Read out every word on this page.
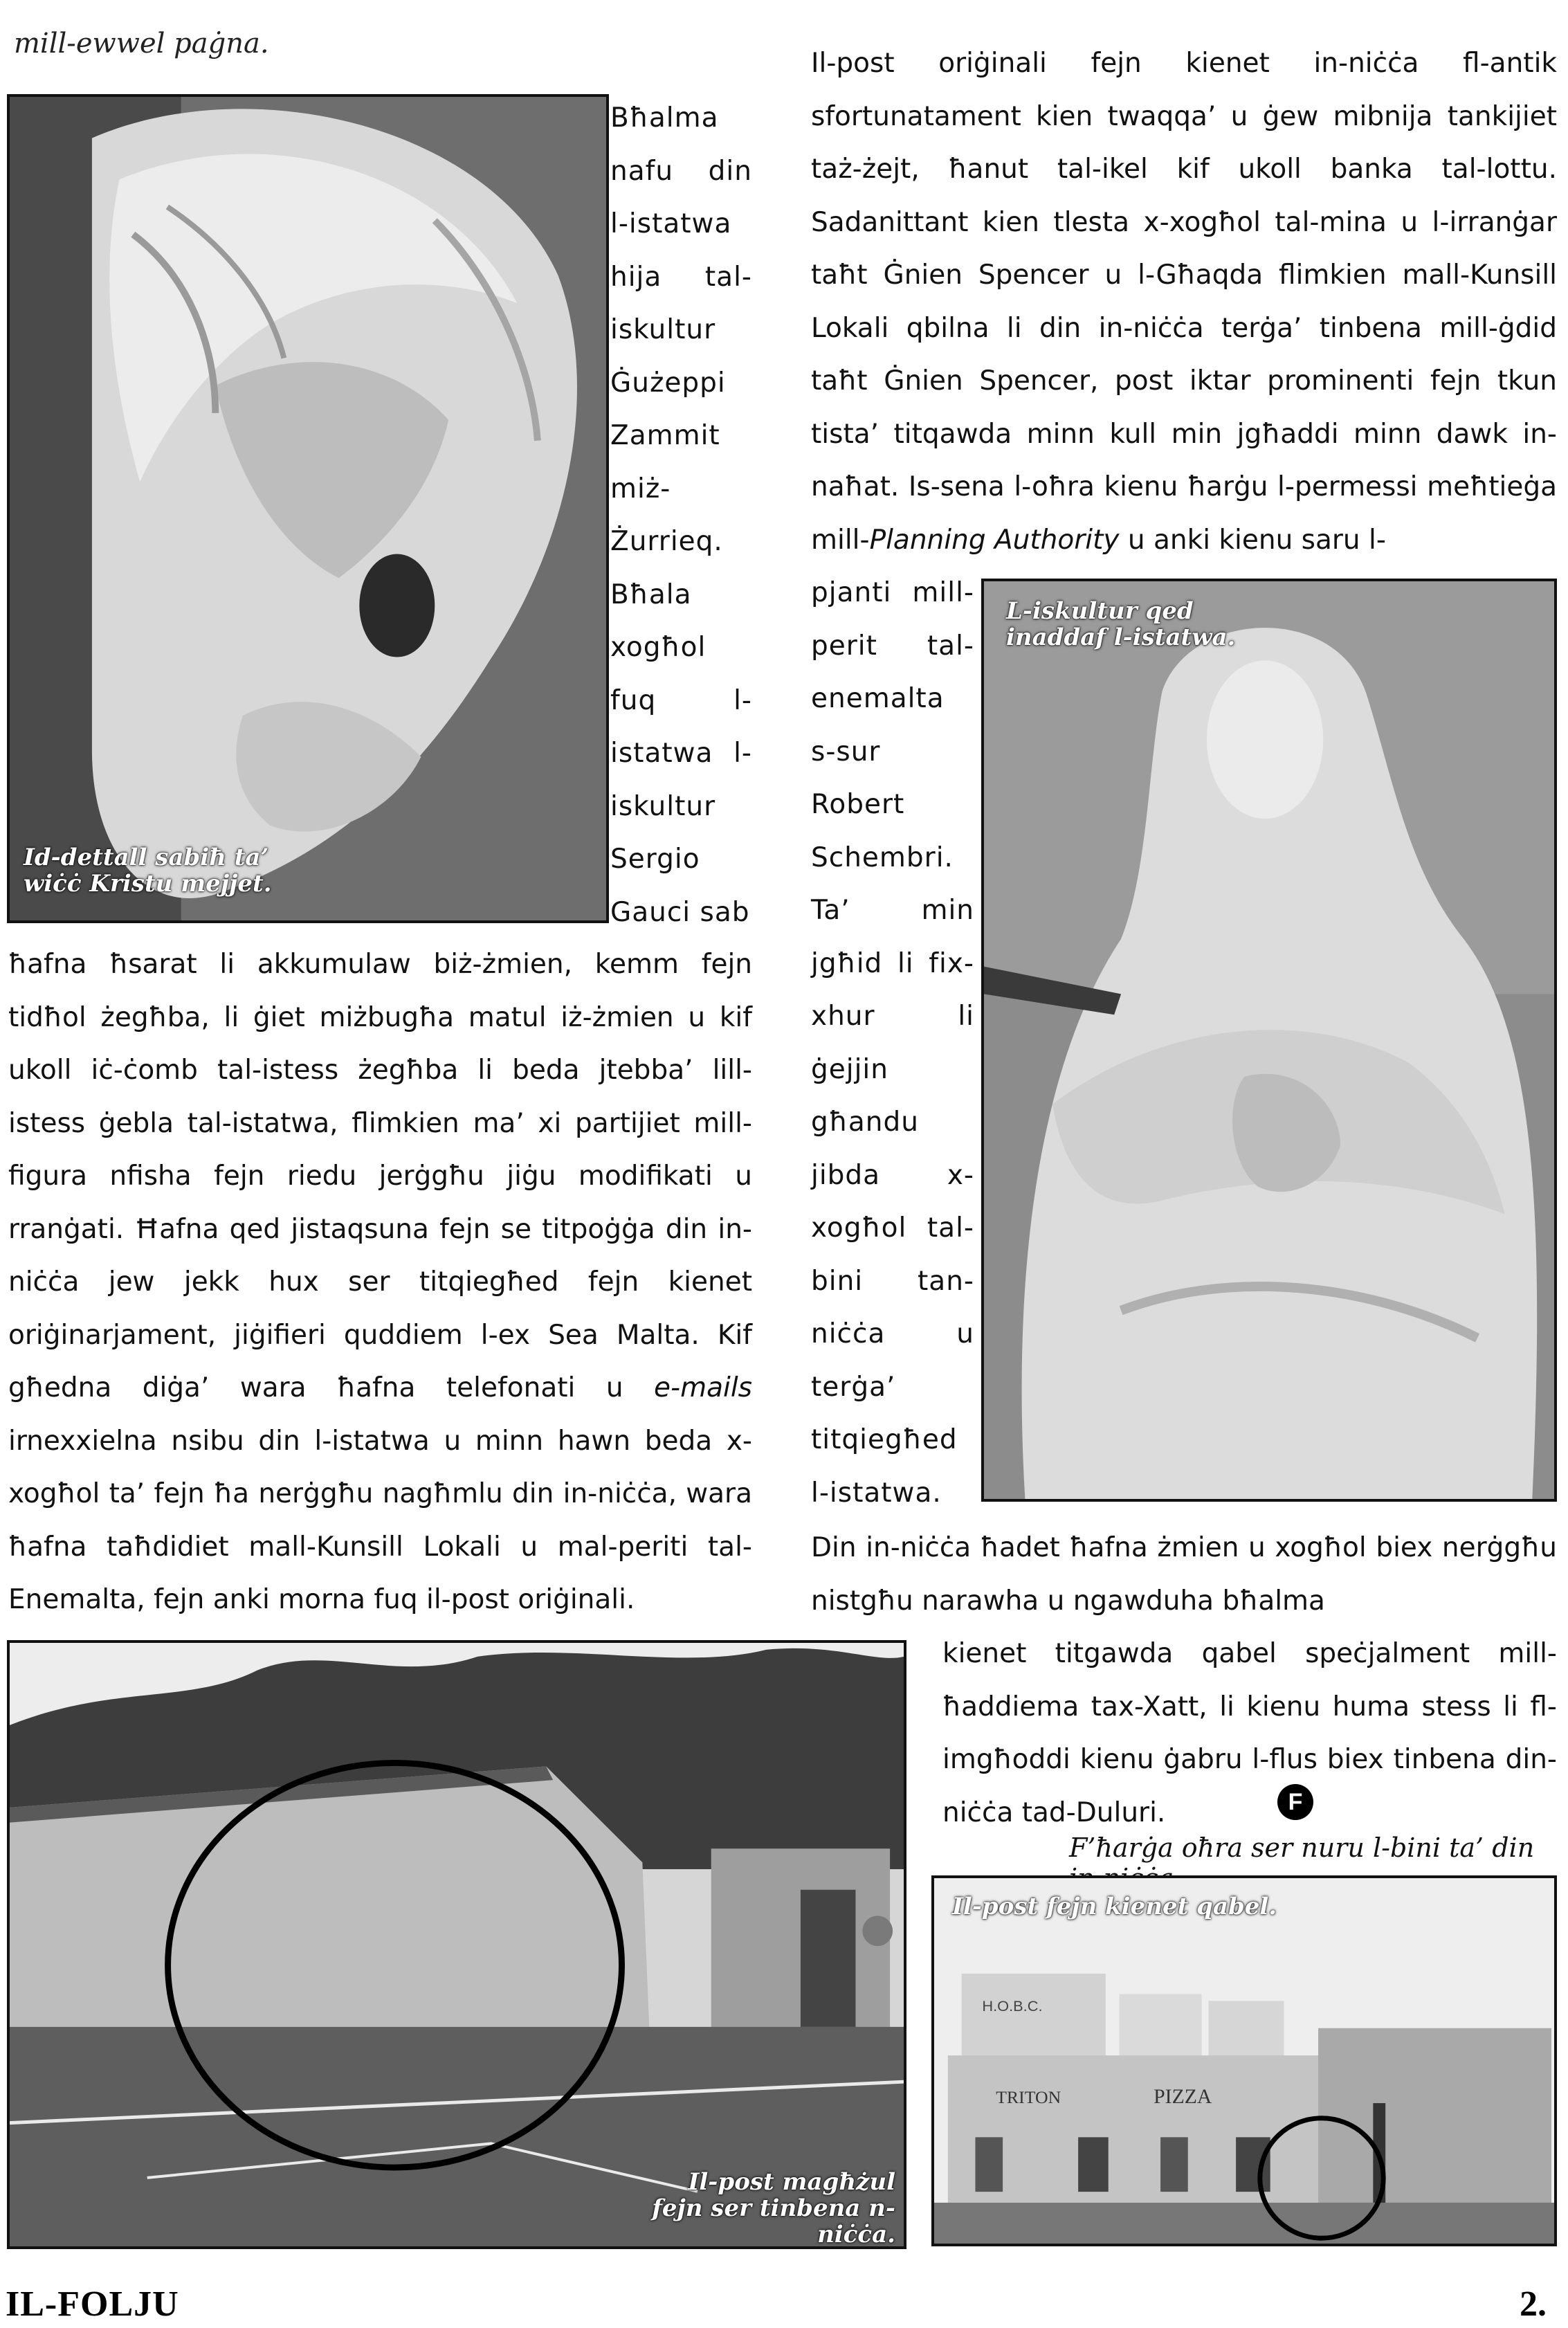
mill-ewwel paġna.
Id-dettall sabiħ ta’ wiċċ Kristu mejjet.
Bħalma nafu din l-istatwa hija tal-iskultur Ġużeppi Zammit miż-Żurrieq. Bħala xogħol fuq l-istatwa l-iskultur Sergio Gauci sab
ħafna ħsarat li akkumulaw biż-żmien, kemm fejn tidħol żegħba, li ġiet miżbugħa matul iż-żmien u kif ukoll iċ-ċomb tal-istess żegħba li beda jtebba’ lill-istess ġebla tal-istatwa, flimkien ma’ xi partijiet mill-figura nfisha fejn riedu jerġgħu jiġu modifikati u rranġati. Ħafna qed jistaqsuna fejn se titpoġġa din in-niċċa jew jekk hux ser titqiegħed fejn kienet oriġinarjament, jiġifieri quddiem l-ex Sea Malta. Kif għedna diġa’ wara ħafna telefonati u e-mails irnexxielna nsibu din l-istatwa u minn hawn beda x-xogħol ta’ fejn ħa nerġgħu nagħmlu din in-niċċa, wara ħafna taħdidiet mall-Kunsill Lokali u mal-periti tal-Enemalta, fejn anki morna fuq il-post oriġinali.
Il-post oriġinali fejn kienet in-niċċa fl-antik sfortunatament kien twaqqa’ u ġew mibnija tankijiet taż-żejt, ħanut tal-ikel kif ukoll banka tal-lottu. Sadanittant kien tlesta x-xogħol tal-mina u l-irranġar taħt Ġnien Spencer u l-Għaqda flimkien mall-Kunsill Lokali qbilna li din in-niċċa terġa’ tinbena mill-ġdid taħt Ġnien Spencer, post iktar prominenti fejn tkun tista’ titqawda minn kull min jgħaddi minn dawk in-naħat. Is-sena l-oħra kienu ħarġu l-permessi meħtieġa mill-Planning Authority u anki kienu saru l-
pjanti mill-perit tal-enemalta s-sur Robert Schembri. Ta’ min jgħid li fix-xhur li ġejjin għandu jibda x-xogħol tal-bini tan-niċċa u terġa’ titqiegħed l-istatwa.
L-iskultur qed inaddaf l-istatwa.
Din in-niċċa ħadet ħafna żmien u xogħol biex nerġgħu nistgħu narawha u ngawduha bħalma
kienet titgawda qabel speċjalment mill-ħaddiema tax-Xatt, li kienu huma stess li fl-imgħoddi kienu ġabru l-flus biex tinbena din-niċċa tad-Duluri.	F
F’ħarġa oħra ser nuru l-bini ta’ din
Il-post magħżul fejn ser tinbena n-niċċa.
H.O.B.C.
TRITON	PIZZA
Il-post fejn kienet qabel.
IL-FOLJU	2.
